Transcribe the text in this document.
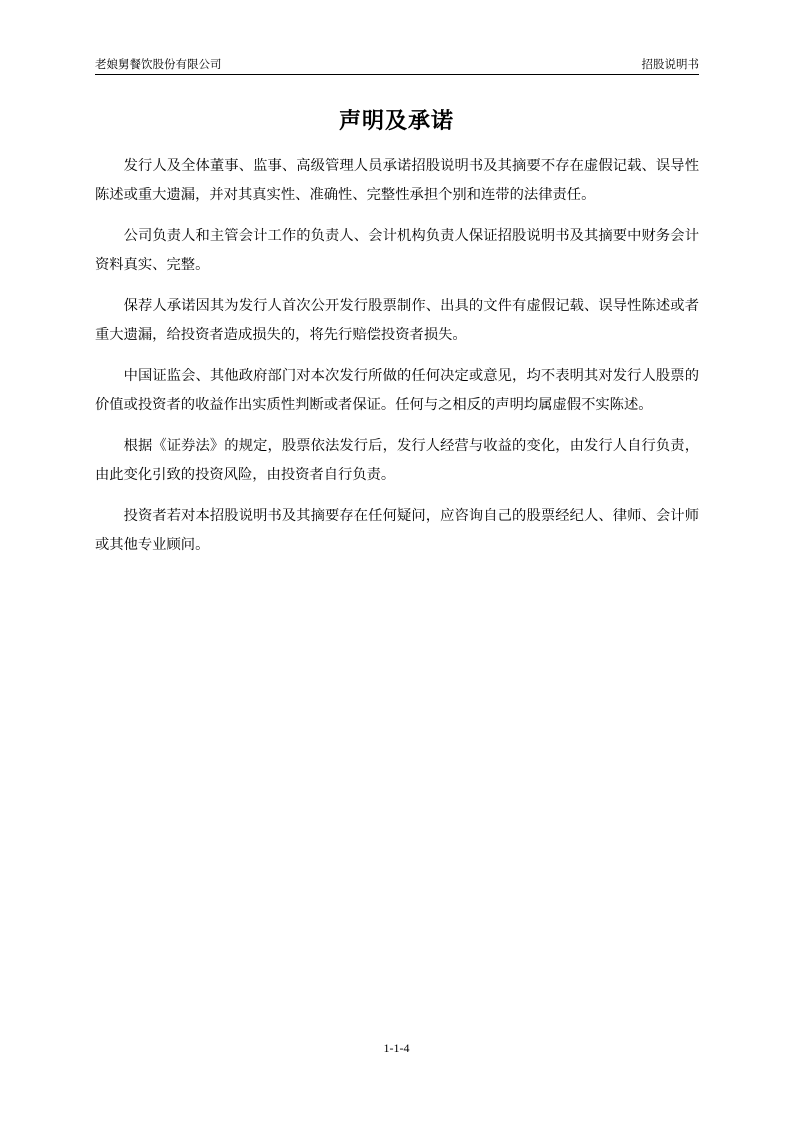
老娘舅餐饮股份有限公司	招股说明书
声明及承诺

发行人及全体董事、监事、高级管理人员承诺招股说明书及其摘要不存在虚假记载、误导性陈述或重大遗漏，并对其真实性、准确性、完整性承担个别和连带的法律责任。

公司负责人和主管会计工作的负责人、会计机构负责人保证招股说明书及其摘要中财务会计资料真实、完整。

保荐人承诺因其为发行人首次公开发行股票制作、出具的文件有虚假记载、误导性陈述或者重大遗漏，给投资者造成损失的，将先行赔偿投资者损失。

中国证监会、其他政府部门对本次发行所做的任何决定或意见，均不表明其对发行人股票的价值或投资者的收益作出实质性判断或者保证。任何与之相反的声明均属虚假不实陈述。

根据《证券法》的规定，股票依法发行后，发行人经营与收益的变化，由发行人自行负责，由此变化引致的投资风险，由投资者自行负责。

投资者若对本招股说明书及其摘要存在任何疑问，应咨询自己的股票经纪人、律师、会计师或其他专业顾问。

1-1-4
